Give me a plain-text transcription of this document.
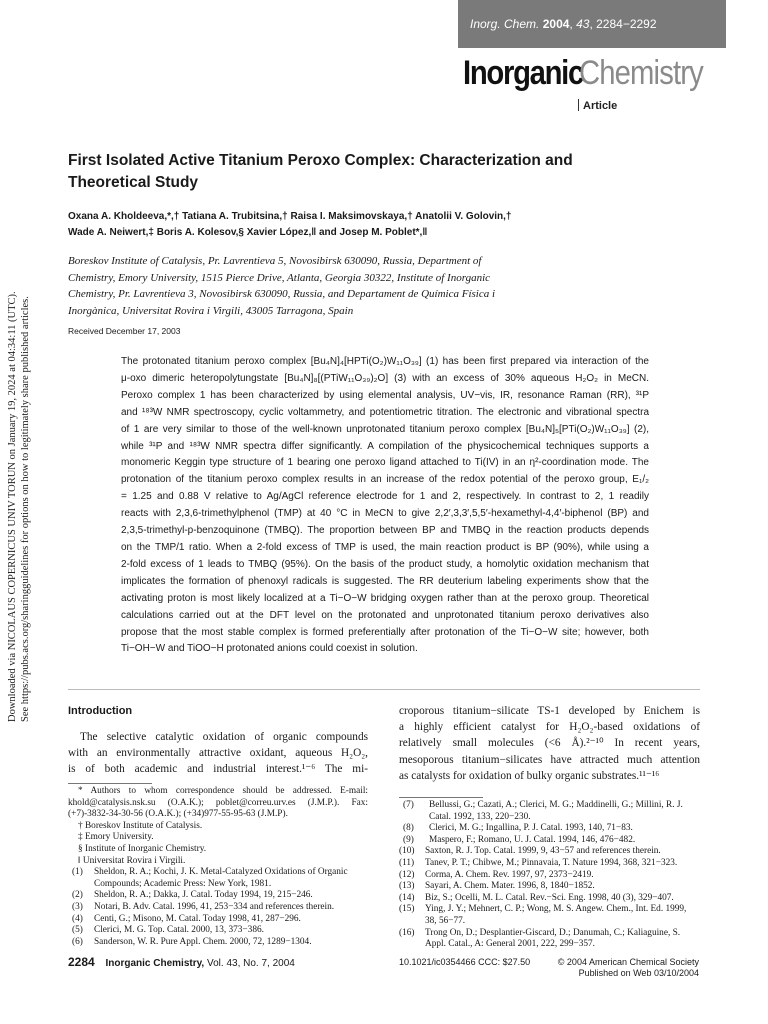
Inorg. Chem. 2004, 43, 2284−2292
Inorganic
Chemistry
Article
Downloaded via NICOLAUS COPERNICUS UNIV TORUN on January 19, 2024 at 04:34:11 (UTC). See https://pubs.acs.org/sharingguidelines for options on how to legitimately share published articles.
First Isolated Active Titanium Peroxo Complex: Characterization and
Theoretical Study
Oxana A. Kholdeeva,*,† Tatiana A. Trubitsina,† Raisa I. Maksimovskaya,† Anatolii V. Golovin,†
Wade A. Neiwert,‡ Boris A. Kolesov,§ Xavier López,‖ and Josep M. Poblet*,‖
Boreskov Institute of Catalysis, Pr. Lavrentieva 5, Novosibirsk 630090, Russia, Department of
Chemistry, Emory University, 1515 Pierce Drive, Atlanta, Georgia 30322, Institute of Inorganic
Chemistry, Pr. Lavrentieva 3, Novosibirsk 630090, Russia, and Departament de Química Física i
Inorgànica, Universitat Rovira i Virgili, 43005 Tarragona, Spain
Received December 17, 2003
The protonated titanium peroxo complex [Bu₄N]₄[HPTi(O₂)W₁₁O₃₉] (1) has been first prepared via interaction of the
μ-oxo dimeric heteropolytungstate [Bu₄N]₈[(PTiW₁₁O₃₉)₂O] (3) with an excess of 30% aqueous H₂O₂ in MeCN.
Peroxo complex 1 has been characterized by using elemental analysis, UV−vis, IR, resonance Raman (RR), ³¹P
and ¹⁸³W NMR spectroscopy, cyclic voltammetry, and potentiometric titration. The electronic and vibrational spectra
of 1 are very similar to those of the well-known unprotonated titanium peroxo complex [Bu₄N]₅[PTi(O₂)W₁₁O₃₉] (2),
while ³¹P and ¹⁸³W NMR spectra differ significantly. A compilation of the physicochemical techniques supports a
monomeric Keggin type structure of 1 bearing one peroxo ligand attached to Ti(IV) in an η²-coordination mode. The
protonation of the titanium peroxo complex results in an increase of the redox potential of the peroxo group, E₁/₂
= 1.25 and 0.88 V relative to Ag/AgCl reference electrode for 1 and 2, respectively. In contrast to 2, 1 readily
reacts with 2,3,6-trimethylphenol (TMP) at 40 °C in MeCN to give 2,2′,3,3′,5,5′-hexamethyl-4,4′-biphenol (BP) and
2,3,5-trimethyl-p-benzoquinone (TMBQ). The proportion between BP and TMBQ in the reaction products depends
on the TMP/1 ratio. When a 2-fold excess of TMP is used, the main reaction product is BP (90%), while using a
2-fold excess of 1 leads to TMBQ (95%). On the basis of the product study, a homolytic oxidation mechanism that
implicates the formation of phenoxyl radicals is suggested. The RR deuterium labeling experiments show that the
activating proton is most likely localized at a Ti−O−W bridging oxygen rather than at the peroxo group. Theoretical
calculations carried out at the DFT level on the protonated and unprotonated titanium peroxo derivatives also
propose that the most stable complex is formed preferentially after protonation of the Ti−O−W site; however, both
Ti−OH−W and TiOO−H protonated anions could coexist in solution.
Introduction
The selective catalytic oxidation of organic compounds
with an environmentally attractive oxidant, aqueous H₂O₂,
is of both academic and industrial interest.¹⁻⁶ The mi-
croporous titanium−silicate TS-1 developed by Enichem is
a highly efficient catalyst for H₂O₂-based oxidations of
relatively small molecules (<6 Å).²⁻¹⁰ In recent years,
mesoporous titanium−silicates have attracted much attention
as catalysts for oxidation of bulky organic substrates.¹¹⁻¹⁶
* Authors to whom correspondence should be addressed. E-mail: khold@catalysis.nsk.su (O.A.K.); poblet@correu.urv.es (J.M.P.). Fax: (+7)-3832-34-30-56 (O.A.K.); (+34)977-55-95-63 (J.M.P).
† Boreskov Institute of Catalysis.
‡ Emory University.
§ Institute of Inorganic Chemistry.
‖ Universitat Rovira i Virgili.
(1)	Sheldon, R. A.; Kochi, J. K. Metal-Catalyzed Oxidations of Organic Compounds; Academic Press: New York, 1981.
(2)	Sheldon, R. A.; Dakka, J. Catal. Today 1994, 19, 215−246.
(3)	Notari, B. Adv. Catal. 1996, 41, 253−334 and references therein.
(4)	Centi, G.; Misono, M. Catal. Today 1998, 41, 287−296.
(5)	Clerici, M. G. Top. Catal. 2000, 13, 373−386.
(6)	Sanderson, W. R. Pure Appl. Chem. 2000, 72, 1289−1304.
(7)	Bellussi, G.; Cazati, A.; Clerici, M. G.; Maddinelli, G.; Millini, R. J. Catal. 1992, 133, 220−230.
(8)	Clerici, M. G.; Ingallina, P. J. Catal. 1993, 140, 71−83.
(9)	Maspero, F.; Romano, U. J. Catal. 1994, 146, 476−482.
(10)	Saxton, R. J. Top. Catal. 1999, 9, 43−57 and references therein.
(11)	Tanev, P. T.; Chibwe, M.; Pinnavaia, T. Nature 1994, 368, 321−323.
(12)	Corma, A. Chem. Rev. 1997, 97, 2373−2419.
(13)	Sayari, A. Chem. Mater. 1996, 8, 1840−1852.
(14)	Biz, S.; Ocelli, M. L. Catal. Rev.−Sci. Eng. 1998, 40 (3), 329−407.
(15)	Ying, J. Y.; Mehnert, C. P.; Wong, M. S. Angew. Chem., Int. Ed. 1999, 38, 56−77.
(16)	Trong On, D.; Desplantier-Giscard, D.; Danumah, C.; Kaliaguine, S. Appl. Catal., A: General 2001, 222, 299−357.
2284 Inorganic Chemistry, Vol. 43, No. 7, 2004	10.1021/ic0354466 CCC: $27.50	© 2004 American Chemical Society
Published on Web 03/10/2004
